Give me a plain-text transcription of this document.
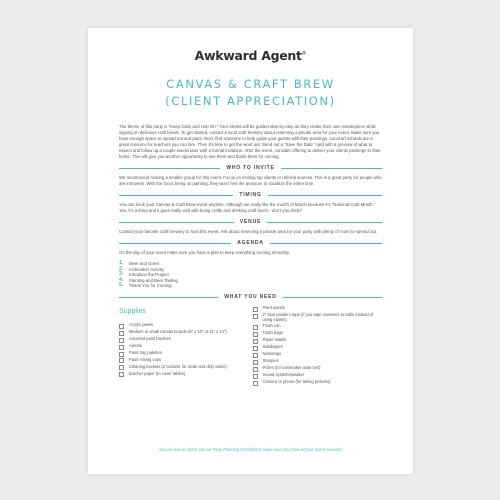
Awkward Agent®
CANVAS & CRAFT BREW
(CLIENT APPRECIATION)

The theme of this party is "Keep Calm and Hop On." Your clients will be guided step-by-step as they create their own masterpiece while sipping on delicious craft brews. To get started, contact a local craft brewery about reserving a private area for your event. Make sure you have enough space to spread out and paint. Next, find someone to help guide your guests with their paintings. Local art schools are a great resource for teachers you can hire. Then it's time to get the word out. Send out a "Save the Date" card with a preview of what to expect and follow up a couple weeks later with a formal invitation. After the event, consider offering to deliver your clients paintings to their home. This will give you another opportunity to see them and thank them for coming.

WHO TO INVITE

We recommend hosting a smaller group for this event. Focus on inviting top clients or referral sources. This is a great party for people who are introverts. With the focus being on painting, they won't feel the pressure to socialize the entire time.

TIMING

You can book your Canvas & Craft Brew event anytime. Although we really like the month of March because it's "National Craft Month." Yes, it's a thing and it goes really well with being crafty and drinking craft beers - don't you think?

VENUE

Contact your favorite craft brewery to host this event. Ask about reserving a private area for your party with plenty of room to spread out.

AGENDA

On the day of your event make sure you have a plan to keep everything running smoothly.

1.	Meet and Greet
2.	Icebreaker Activity
3.	Introduce the Project
4.	Painting and Beer Tasting
5.	Thank You for Coming
WHAT YOU NEED
Supplies
Acrylic paints
Medium or small canvas boards (8" x 10" or 11" x 14")
Assorted paint brushes
Aprons
Paint tray palettes
Paint mixing cups
Cleaning buckets (2 buckets for clean and dirty water)
Butcher paper (to cover tables)
Paint easels
2" blue painters tape (if you tape canvases to table instead of using easels)
Trash can
Trash bags
Paper towels
Handwipes
Nametags
Sharpies
Prizes (for icebreaker taste test)
Sound system/speaker
Camera or phone (for taking pictures)
Also be sure to check out our Party Planning Checklist to make sure you have all your bases covered.
